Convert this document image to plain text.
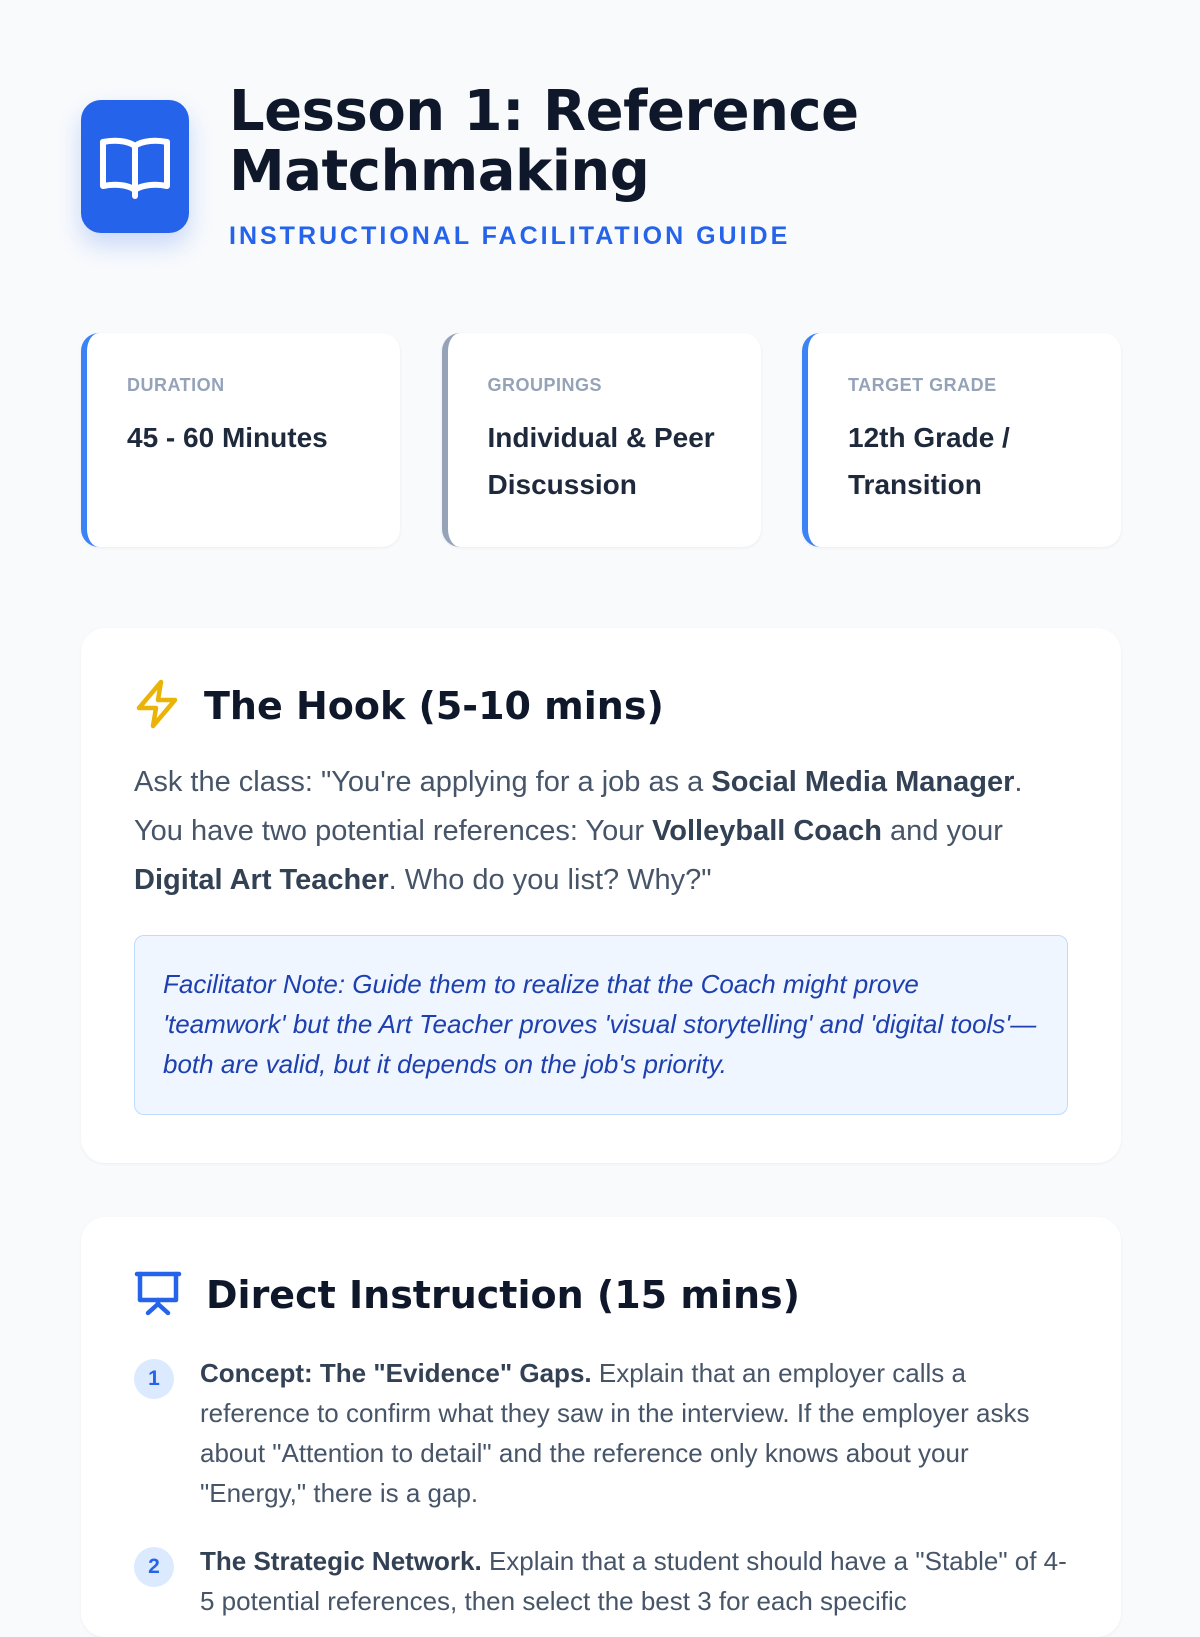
Lesson 1: Reference Matchmaking
INSTRUCTIONAL FACILITATION GUIDE
DURATION
45 - 60 Minutes
GROUPINGS
Individual & Peer Discussion
TARGET GRADE
12th Grade / Transition
The Hook (5-10 mins)

Ask the class: "You're applying for a job as a Social Media Manager. You have two potential references: Your Volleyball Coach and your Digital Art Teacher. Who do you list? Why?"

Facilitator Note: Guide them to realize that the Coach might prove 'teamwork' but the Art Teacher proves 'visual storytelling' and 'digital tools'—both are valid, but it depends on the job's priority.
Direct Instruction (15 mins)
1	Concept: The "Evidence" Gaps. Explain that an employer calls a reference to confirm what they saw in the interview. If the employer asks about "Attention to detail" and the reference only knows about your "Energy," there is a gap.

2	The Strategic Network. Explain that a student should have a "Stable" of 4-5 potential references, then select the best 3 for each specific
